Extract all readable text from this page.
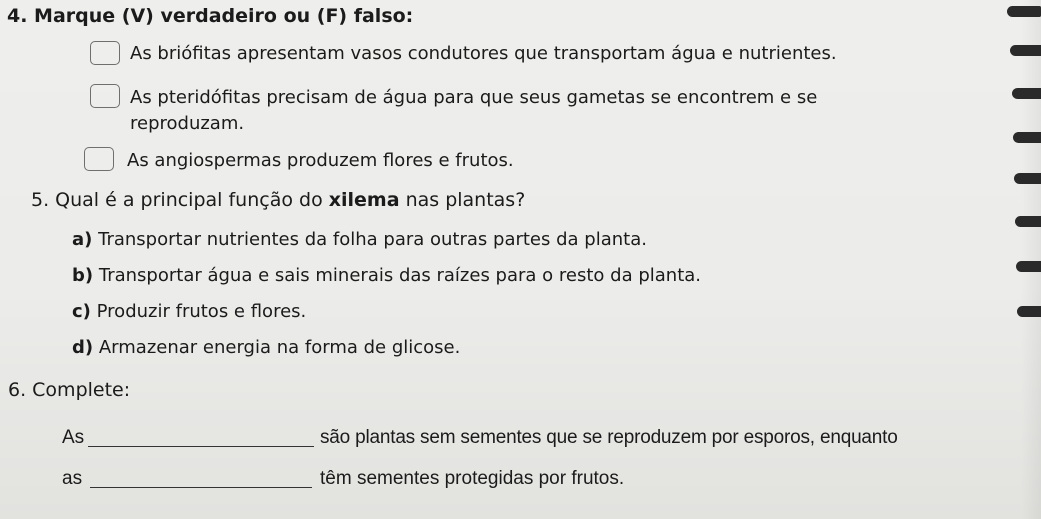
4. Marque (V) verdadeiro ou (F) falso:
As briófitas apresentam vasos condutores que transportam água e nutrientes.
As pteridófitas precisam de água para que seus gametas se encontrem e se
reproduzam.
As angiospermas produzem flores e frutos.
5. Qual é a principal função do xilema nas plantas?
a) Transportar nutrientes da folha para outras partes da planta.
b) Transportar água e sais minerais das raízes para o resto da planta.
c) Produzir frutos e flores.
d) Armazenar energia na forma de glicose.
6. Complete:
As	são plantas sem sementes que se reproduzem por esporos, enquanto
as	têm sementes protegidas por frutos.
